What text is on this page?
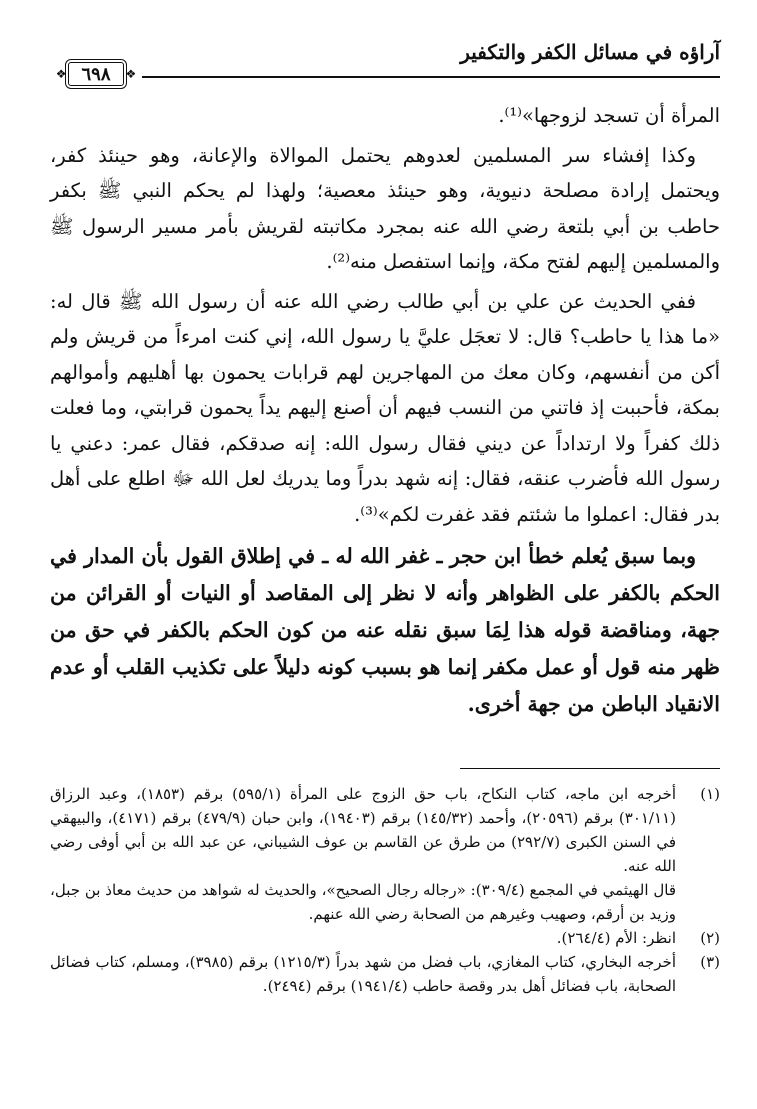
آراؤه في مسائل الكفر والتكفير
❖ ٦٩٨	❖

المرأة أن تسجد لزوجها»⁽¹⁾.

وكذا إفشاء سر المسلمين لعدوهم يحتمل الموالاة والإعانة، وهو حينئذ كفر، ويحتمل إرادة مصلحة دنيوية، وهو حينئذ معصية؛ ولهذا لم يحكم النبي ﷺ بكفر حاطب بن أبي بلتعة رضي الله عنه بمجرد مكاتبته لقريش بأمر مسير الرسول ﷺ والمسلمين إليهم لفتح مكة، وإنما استفصل منه⁽²⁾.

ففي الحديث عن علي بن أبي طالب رضي الله عنه أن رسول الله ﷺ قال له: «ما هذا يا حاطب؟ قال: لا تعجَل عليَّ يا رسول الله، إني كنت امرءاً من قريش ولم أكن من أنفسهم، وكان معك من المهاجرين لهم قرابات يحمون بها أهليهم وأموالهم بمكة، فأحببت إذ فاتني من النسب فيهم أن أصنع إليهم يداً يحمون قرابتي، وما فعلت ذلك كفراً ولا ارتداداً عن ديني فقال رسول الله: إنه صدقكم، فقال عمر: دعني يا رسول الله فأضرب عنقه، فقال: إنه شهد بدراً وما يدريك لعل الله ﷻ اطلع على أهل بدر فقال: اعملوا ما شئتم فقد غفرت لكم»⁽³⁾.

وبما سبق يُعلم خطأ ابن حجر ـ غفر الله له ـ في إطلاق القول بأن المدار في الحكم بالكفر على الظواهر وأنه لا نظر إلى المقاصد أو النيات أو القرائن من جهة، ومناقضة قوله هذا لِمَا سبق نقله عنه من كون الحكم بالكفر في حق من ظهر منه قول أو عمل مكفر إنما هو بسبب كونه دليلاً على تكذيب القلب أو عدم الانقياد الباطن من جهة أخرى.

(١)
أخرجه ابن ماجه، كتاب النكاح، باب حق الزوج على المرأة (٥٩٥/١) برقم (١٨٥٣)، وعبد الرزاق (٣٠١/١١) برقم (٢٠٥٩٦)، وأحمد (١٤٥/٣٢) برقم (١٩٤٠٣)، وابن حبان (٤٧٩/٩) برقم (٤١٧١)، والبيهقي في السنن الكبرى (٢٩٢/٧) من طرق عن القاسم بن عوف الشيباني، عن عبد الله بن أبي أوفى رضي الله عنه.
قال الهيثمي في المجمع (٣٠٩/٤): «رجاله رجال الصحيح»، والحديث له شواهد من حديث معاذ بن جبل، وزيد بن أرقم، وصهيب وغيرهم من الصحابة رضي الله عنهم.
(٢)
انظر: الأم (٢٦٤/٤).
(٣)
أخرجه البخاري، كتاب المغازي، باب فضل من شهد بدراً (١٢١٥/٣) برقم (٣٩٨٥)، ومسلم، كتاب فضائل الصحابة، باب فضائل أهل بدر وقصة حاطب (١٩٤١/٤) برقم (٢٤٩٤).
